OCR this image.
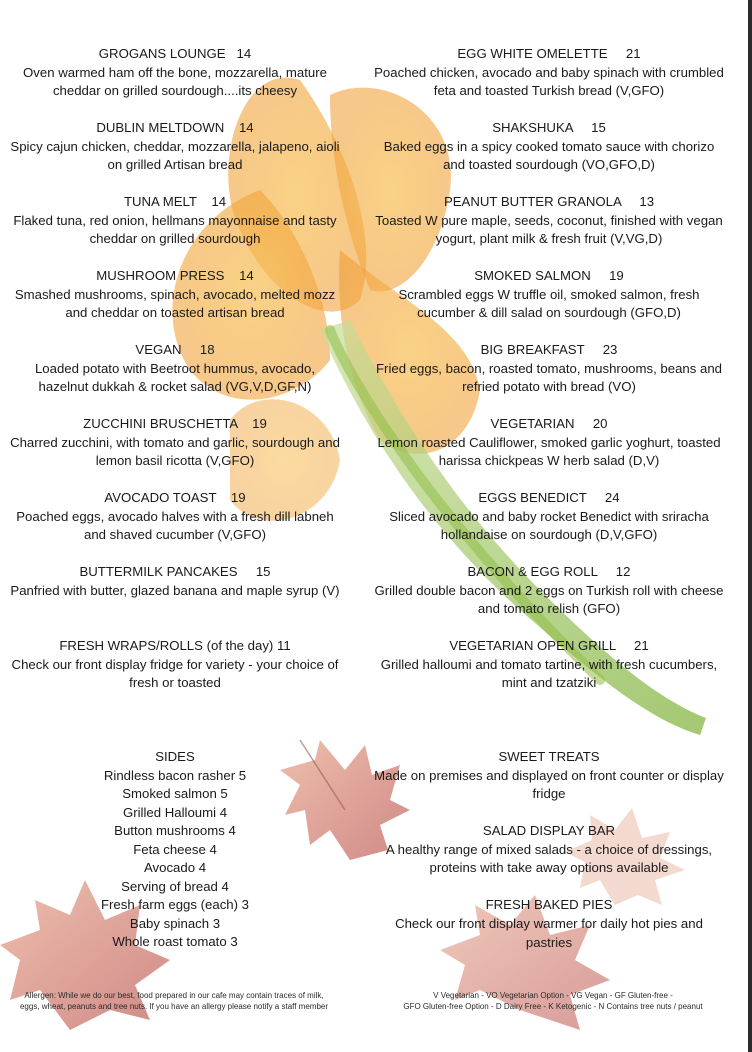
GROGANS LOUNGE   14
Oven warmed ham off the bone, mozzarella, mature cheddar on grilled sourdough....its cheesy
DUBLIN MELTDOWN    14
Spicy cajun chicken, cheddar, mozzarella, jalapeno, aioli on grilled Artisan bread
TUNA MELT    14
Flaked tuna, red onion, hellmans mayonnaise and tasty cheddar on grilled sourdough
MUSHROOM PRESS    14
Smashed mushrooms, spinach, avocado, melted mozz and cheddar on toasted artisan bread
VEGAN     18
Loaded potato with Beetroot hummus, avocado, hazelnut dukkah & rocket salad (VG,V,D,GF,N)
ZUCCHINI BRUSCHETTA    19
Charred zucchini, with tomato and garlic, sourdough and lemon basil ricotta (V,GFO)
AVOCADO TOAST    19
Poached eggs, avocado halves with a fresh dill labneh and shaved cucumber (V,GFO)
BUTTERMILK PANCAKES     15
Panfried with butter, glazed banana and maple syrup (V)
FRESH WRAPS/ROLLS (of the day) 11
Check our front display fridge for variety - your choice of fresh or toasted
EGG WHITE OMELETTE     21
Poached chicken, avocado and baby spinach with crumbled feta and toasted Turkish bread (V,GFO)
SHAKSHUKA     15
Baked eggs in a spicy cooked tomato sauce with chorizo and toasted sourdough (VO,GFO,D)
PEANUT BUTTER GRANOLA     13
Toasted W pure maple, seeds, coconut, finished with vegan yogurt, plant milk & fresh fruit (V,VG,D)
SMOKED SALMON     19
Scrambled eggs W truffle oil, smoked salmon, fresh cucumber & dill salad on sourdough (GFO,D)
BIG BREAKFAST     23
Fried eggs, bacon, roasted tomato, mushrooms, beans and refried potato with bread (VO)
VEGETARIAN     20
Lemon roasted Cauliflower, smoked garlic yoghurt, toasted harissa chickpeas W herb salad (D,V)
EGGS BENEDICT     24
Sliced avocado and baby rocket Benedict with sriracha hollandaise on sourdough (D,V,GFO)
BACON & EGG ROLL     12
Grilled double bacon and 2 eggs on Turkish roll with cheese and tomato relish (GFO)
VEGETARIAN OPEN GRILL     21
Grilled halloumi and tomato tartine, with fresh cucumbers, mint and tzatziki
SIDES
Rindless bacon rasher 5
Smoked salmon 5
Grilled Halloumi 4
Button mushrooms 4
Feta cheese 4
Avocado 4
Serving of bread 4
Fresh farm eggs (each) 3
Baby spinach 3
Whole roast tomato 3
SWEET TREATS
Made on premises and displayed on front counter or display fridge
SALAD DISPLAY BAR
A healthy range of mixed salads - a choice of dressings, proteins with take away options available
FRESH BAKED PIES
Check our front display warmer for daily hot pies and pastries
Allergen: While we do our best, food prepared in our cafe may contain traces of milk, eggs, wheat, peanuts and tree nuts. If you have an allergy please notify a staff member
V Vegetarian - VO Vegetarian Option - VG Vegan - GF Gluten-free -
GFO Gluten-free Option - D Dairy Free - K Ketogenic - N Contains tree nuts / peanut
